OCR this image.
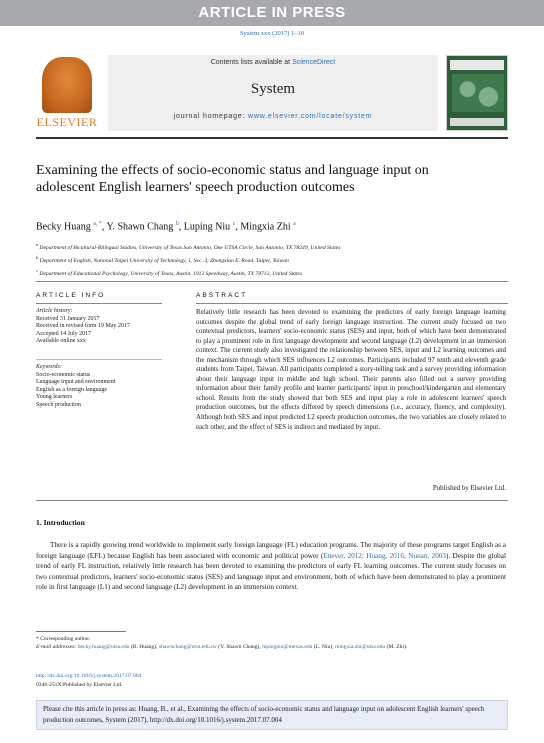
ARTICLE IN PRESS
System xxx (2017) 1–10
ELSEVIER
Contents lists available at ScienceDirect
System
journal homepage: www.elsevier.com/locate/system
Examining the effects of socio-economic status and language input on adolescent English learners' speech production outcomes
Becky Huang $^{a, *}$, Y. Shawn Chang $^b$, Luping Niu $^c$, Mingxia Zhi $^a$
$^a$ Department of Bicultural-Bilingual Studies, University of Texas San Antonio, One UTSA Circle, San Antonio, TX 78249, United States
$^b$ Department of English, National Taipei University of Technology, 1, Sec. 3, Zhongxiao E. Road, Taipei, Taiwan
$^c$ Department of Educational Psychology, University of Texas, Austin, 1912 Speedway, Austin, TX 78712, United States
ARTICLE INFO	ABSTRACT
Article history:
Received 31 January 2017
Received in revised form 19 May 2017
Accepted 14 July 2017
Available online xxx
Keywords:
Socio-economic status
Language input and environment
English as a foreign language
Young learners
Speech production
Relatively little research has been devoted to examining the predictors of early foreign language learning outcomes despite the global trend of early foreign language instruction. The current study focused on two contextual predictors, learners' socio-economic status (SES) and input, both of which have been demonstrated to play a prominent role in first language development and second language (L2) development in an immersion context. The current study also investigated the relationship between SES, input and L2 learning outcomes and the mechanism through which SES influences L2 outcomes. Participants included 97 tenth and eleventh grade students from Taipei, Taiwan. All participants completed a story-telling task and a survey providing information about their language input in middle and high school. Their parents also filled out a survey providing information about their family profile and learner participants' input in preschool/kindergarten and elementary school. Results from the study showed that both SES and input play a role in adolescent learners' speech production outcomes, but the effects differed by speech dimensions (i.e., accuracy, fluency, and complexity). Although both SES and input predicted L2 speech production outcomes, the two variables are closely related to each other, and the effect of SES is indirect and mediated by input.
Published by Elsevier Ltd.
1. Introduction
There is a rapidly growing trend worldwide to implement early foreign language (FL) education programs. The majority of these programs target English as a foreign language (EFL) because English has been associated with economic and political power (Enever, 2012; Huang, 2016; Nunan, 2003). Despite the global trend of early FL instruction, relatively little research has been devoted to examining the predictors of early FL learning outcomes. The current study focuses on two contextual predictors, learners' socio-economic status (SES) and language input and environment, both of which have been demonstrated to play a prominent role in first language (L1) and second language (L2) development in an immersion context.
* Corresponding author.
E-mail addresses: becky.huang@utsa.edu (B. Huang), shawnchang@ntut.edu.tw (Y. Shawn Chang), lupingniu@utexas.edu (L. Niu), mingxia.zhi@utsa.edu (M. Zhi).
http://dx.doi.org/10.1016/j.system.2017.07.004
0346-251X/Published by Elsevier Ltd.
Please cite this article in press as: Huang, B., et al., Examining the effects of socio-economic status and language input on adolescent English learners' speech production outcomes, System (2017), http://dx.doi.org/10.1016/j.system.2017.07.004
